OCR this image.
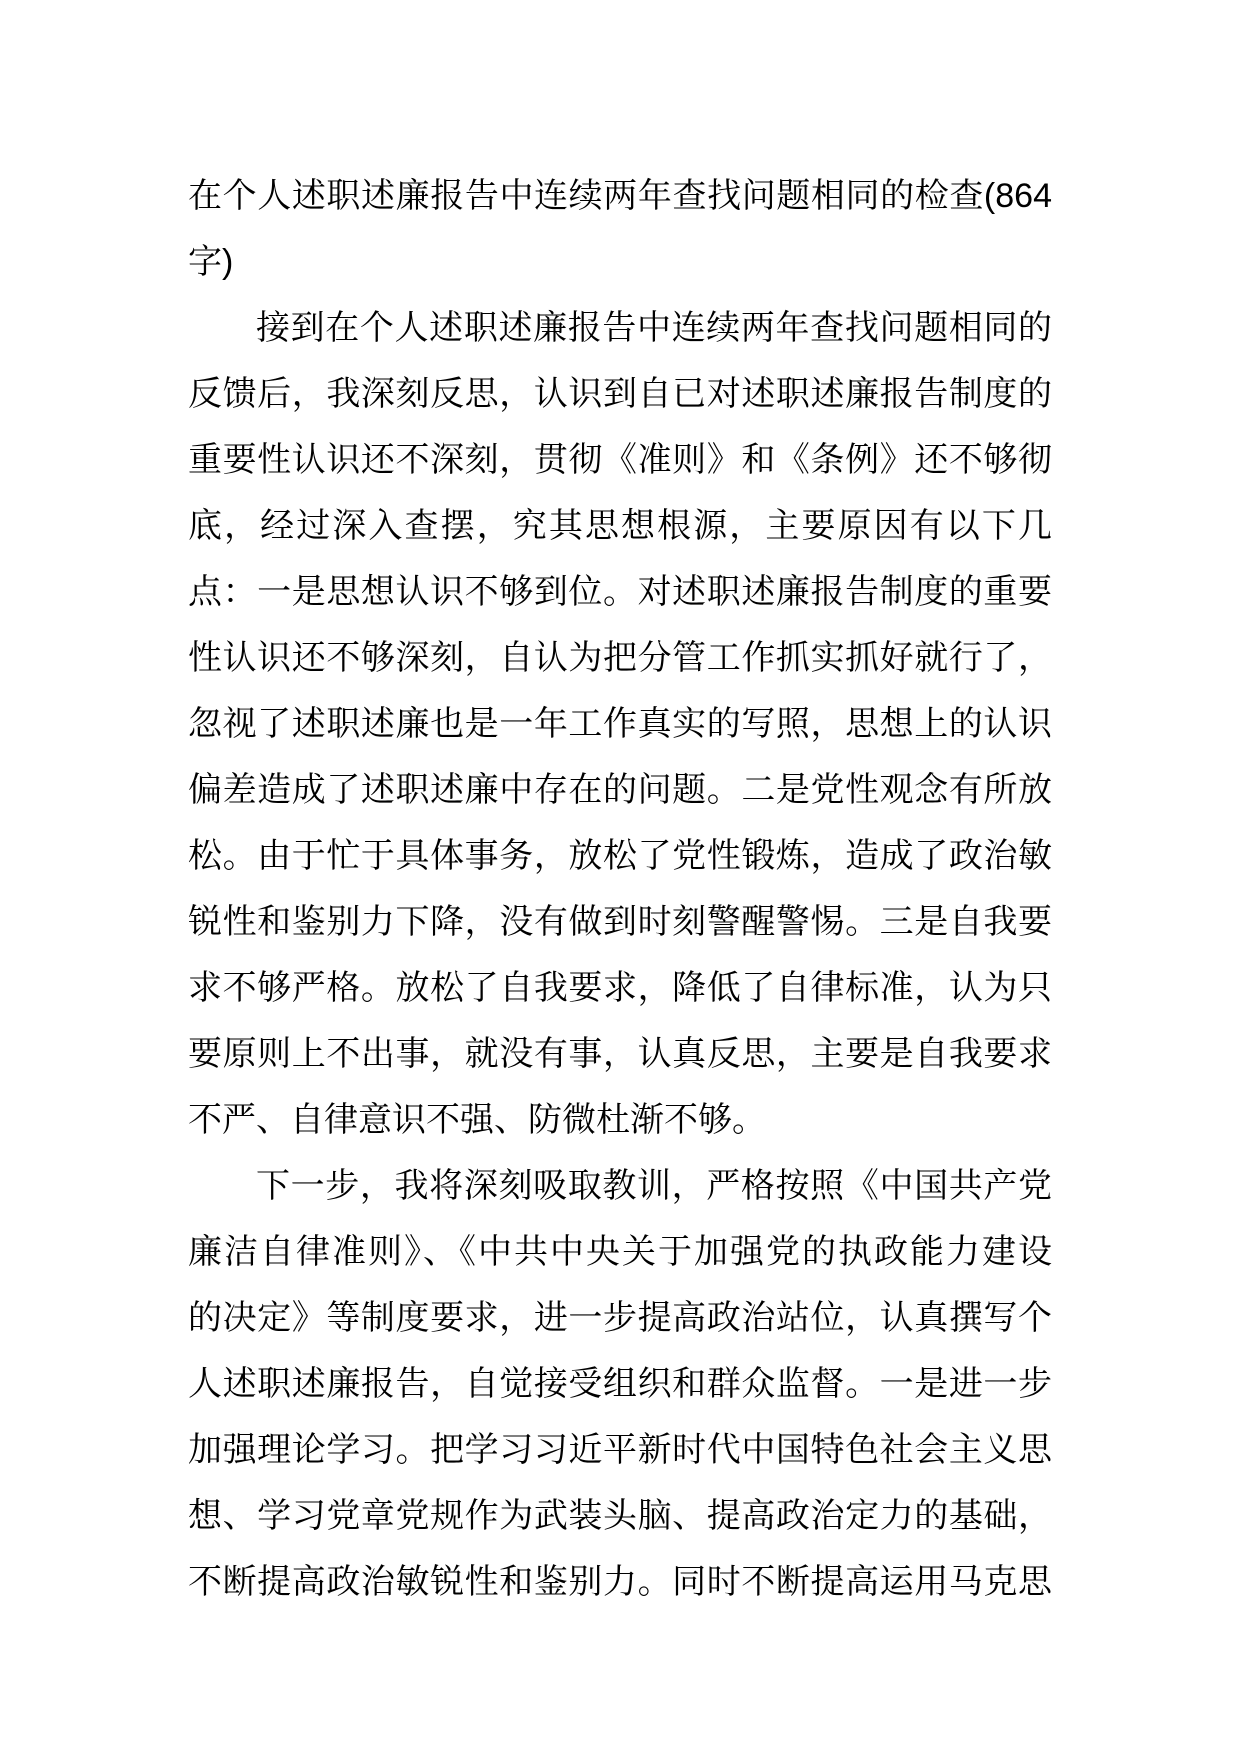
在个人述职述廉报告中连续两年查找问题相同的检查(864
字)
接到在个人述职述廉报告中连续两年查找问题相同的
反馈后，我深刻反思，认识到自已对述职述廉报告制度的
重要性认识还不深刻，贯彻《准则》和《条例》还不够彻
底，经过深入查摆，究其思想根源，主要原因有以下几
点：一是思想认识不够到位。对述职述廉报告制度的重要
性认识还不够深刻，自认为把分管工作抓实抓好就行了，
忽视了述职述廉也是一年工作真实的写照，思想上的认识
偏差造成了述职述廉中存在的问题。二是党性观念有所放
松。由于忙于具体事务，放松了党性锻炼，造成了政治敏
锐性和鉴别力下降，没有做到时刻警醒警惕。三是自我要
求不够严格。放松了自我要求，降低了自律标准，认为只
要原则上不出事，就没有事，认真反思，主要是自我要求
不严、自律意识不强、防微杜渐不够。
下一步，我将深刻吸取教训，严格按照《中国共产党
廉洁自律准则》、《中共中央关于加强党的执政能力建设
的决定》等制度要求，进一步提高政治站位，认真撰写个
人述职述廉报告，自觉接受组织和群众监督。一是进一步
加强理论学习。把学习习近平新时代中国特色社会主义思
想、学习党章党规作为武装头脑、提高政治定力的基础，
不断提高政治敏锐性和鉴别力。同时不断提高运用马克思
